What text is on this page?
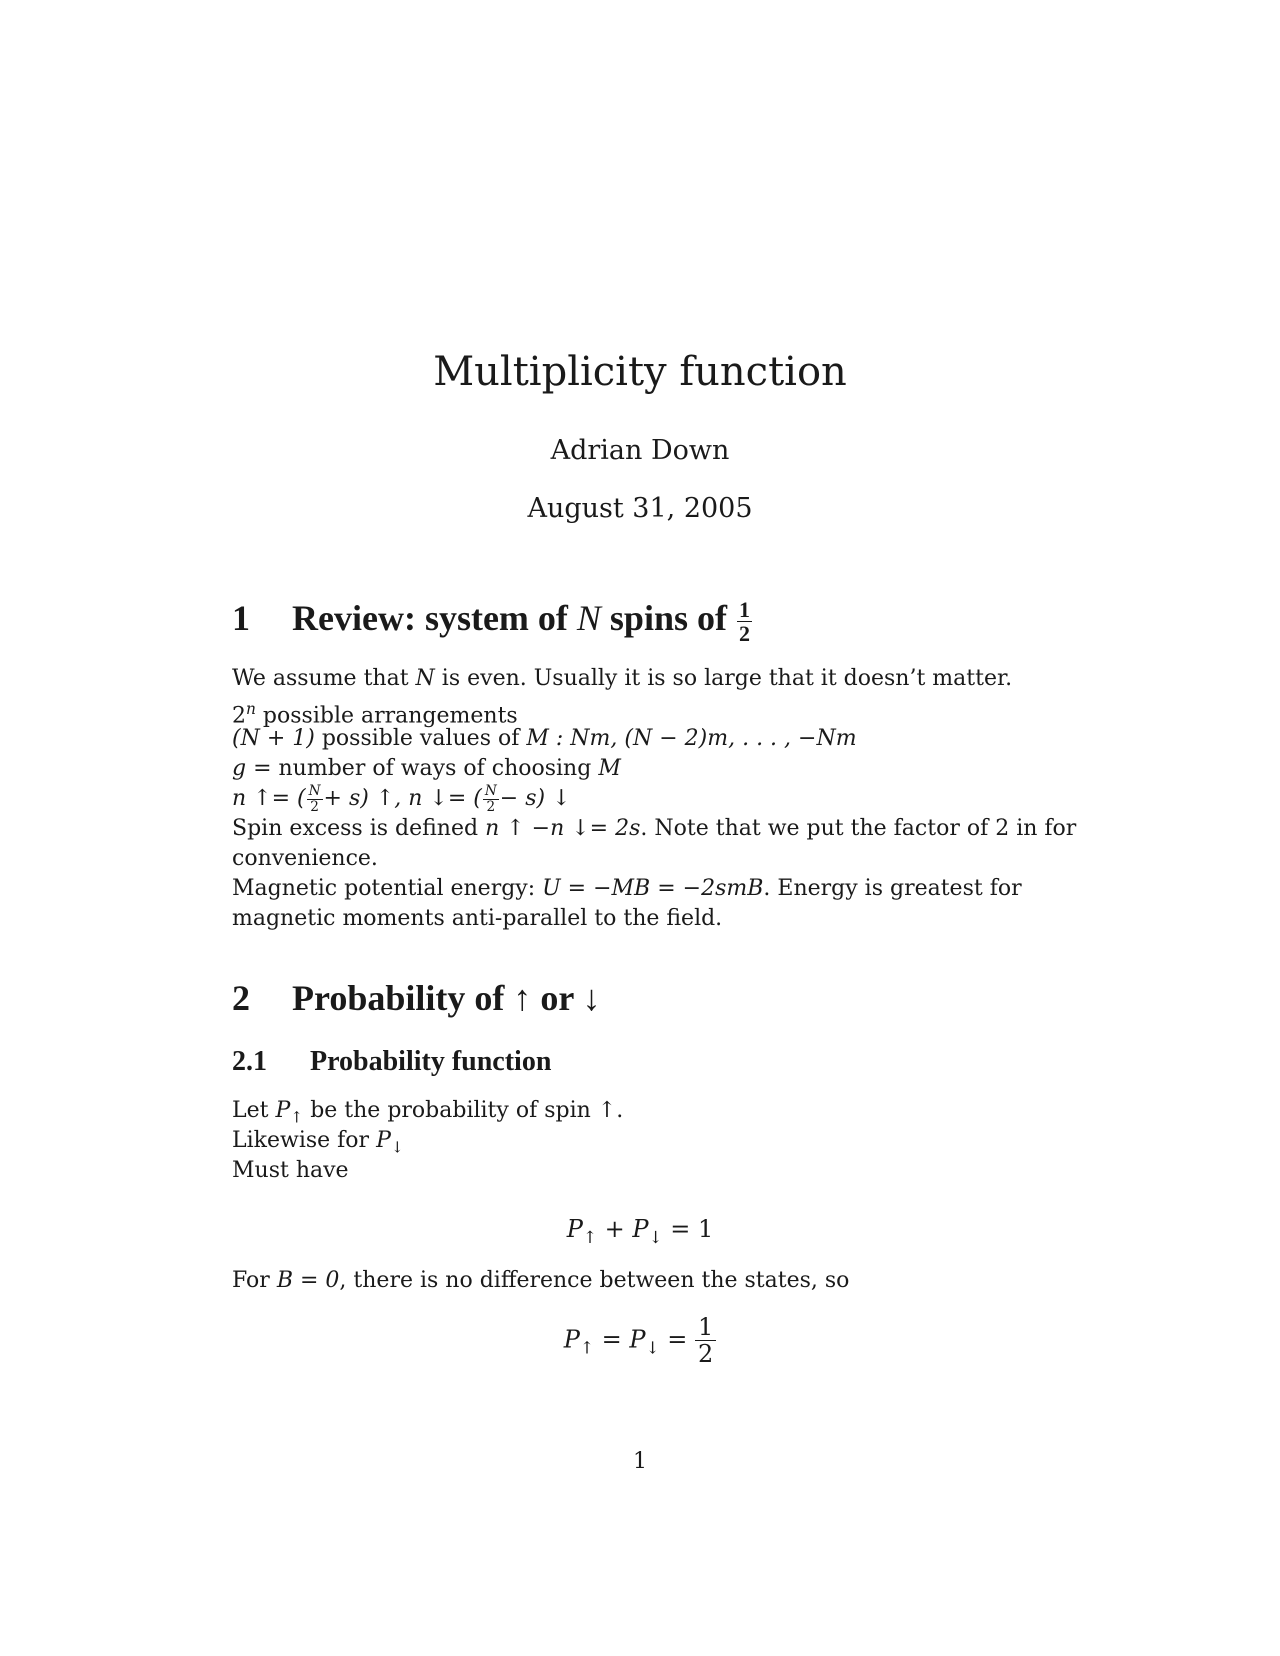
Multiplicity function
Adrian Down
August 31, 2005
1 Review: system of N spins of $\frac{1}{2}$
We assume that N is even. Usually it is so large that it doesn’t matter.
2$^n$ possible arrangements
(N + 1) possible values of M : Nm, (N − 2)m, . . . , −Nm
g = number of ways of choosing M
n ↑= ( $\frac{N}{2} + s$) ↑, n ↓= ( $\frac{N}{2} - s$) ↓
Spin excess is defined n ↑ −n ↓= 2s. Note that we put the factor of 2 in for
convenience.
Magnetic potential energy: U = −MB = −2smB. Energy is greatest for
magnetic moments anti-parallel to the field.
2 Probability of ↑ or ↓
2.1 Probability function
Let $P_↑$ be the probability of spin ↑.
Likewise for $P_↓$
Must have
$P_↑ + P_↓ = 1$
For B = 0, there is no difference between the states, so
$P_↑ = P_↓ = \frac{1}{2}$
1
